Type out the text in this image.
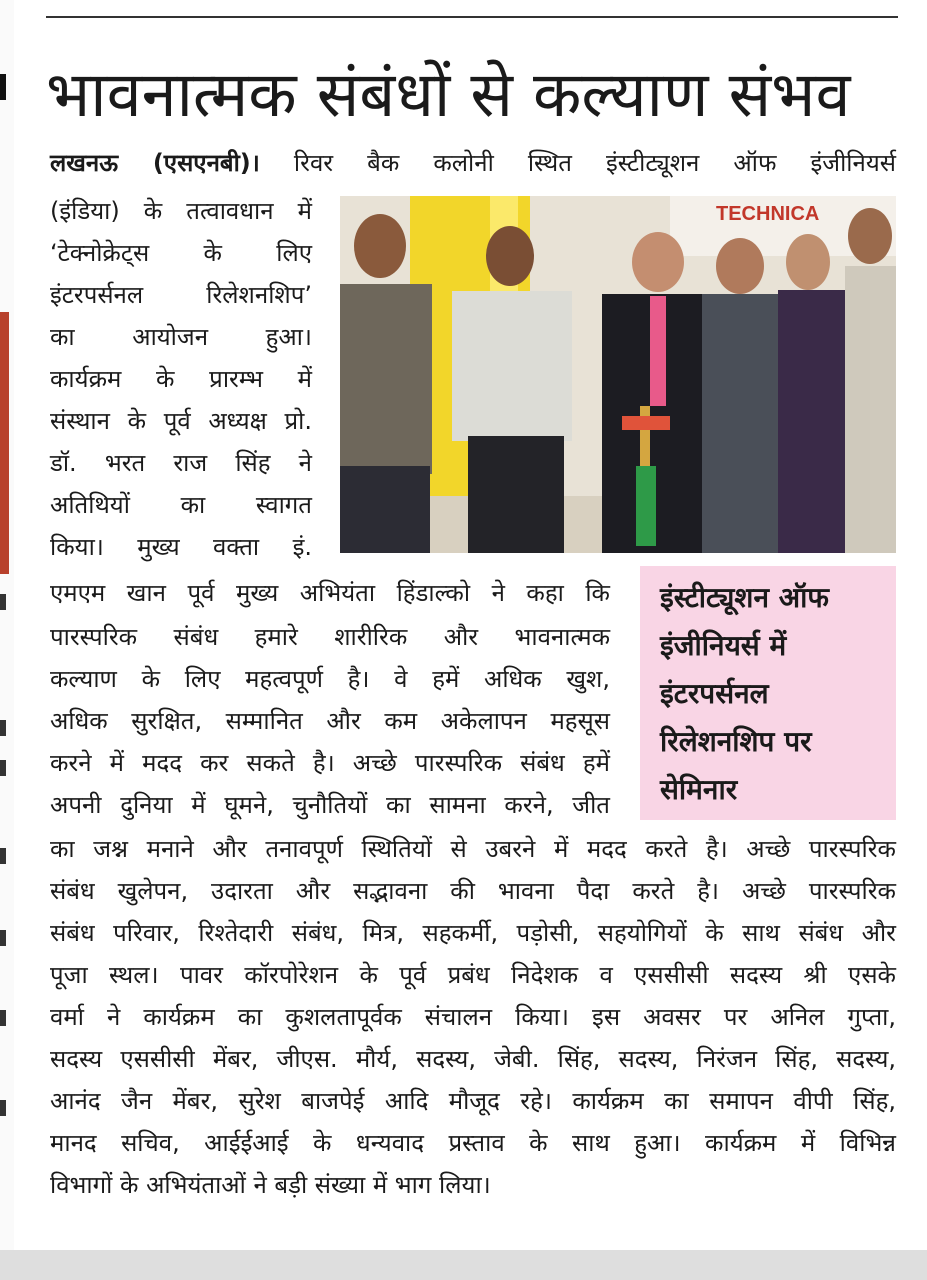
भावनात्मक संबंधों से कल्याण संभव
लखनऊ (एसएनबी)। रिवर बैक कलोनी स्थित इंस्टीट्यूशन ऑफ इंजीनियर्स
(इंडिया) के तत्वावधान में
‘टेक्नोक्रेट्स के लिए
इंटरपर्सनल रिलेशनशिप’
का आयोजन हुआ।
कार्यक्रम के प्रारम्भ में
संस्थान के पूर्व अध्यक्ष प्रो.
डॉ. भरत राज सिंह ने
अतिथियों का स्वागत
किया। मुख्य वक्ता इं.
TECHNICA
एमएम खान पूर्व मुख्य अभियंता हिंडाल्को ने कहा कि
पारस्परिक संबंध हमारे शारीरिक और भावनात्मक
कल्याण के लिए महत्वपूर्ण है। वे हमें अधिक खुश,
अधिक सुरक्षित, सम्मानित और कम अकेलापन महसूस
करने में मदद कर सकते है। अच्छे पारस्परिक संबंध हमें
अपनी दुनिया में घूमने, चुनौतियों का सामना करने, जीत
इंस्टीट्यूशन ऑफ
इंजीनियर्स में
इंटरपर्सनल
रिलेशनशिप पर
सेमिनार
का जश्न मनाने और तनावपूर्ण स्थितियों से उबरने में मदद करते है। अच्छे पारस्परिक
संबंध खुलेपन, उदारता और सद्भावना की भावना पैदा करते है। अच्छे पारस्परिक
संबंध परिवार, रिश्तेदारी संबंध, मित्र, सहकर्मी, पड़ोसी, सहयोगियों के साथ संबंध और
पूजा स्थल। पावर कॉरपोरेशन के पूर्व प्रबंध निदेशक व एससीसी सदस्य श्री एसके
वर्मा ने कार्यक्रम का कुशलतापूर्वक संचालन किया। इस अवसर पर अनिल गुप्ता,
सदस्य एससीसी मेंबर, जीएस. मौर्य, सदस्य, जेबी. सिंह, सदस्य, निरंजन सिंह, सदस्य,
आनंद जैन मेंबर, सुरेश बाजपेई आदि मौजूद रहे। कार्यक्रम का समापन वीपी सिंह,
मानद सचिव, आईईआई के धन्यवाद प्रस्ताव के साथ हुआ। कार्यक्रम में विभिन्न
विभागों के अभियंताओं ने बड़ी संख्या में भाग लिया।
